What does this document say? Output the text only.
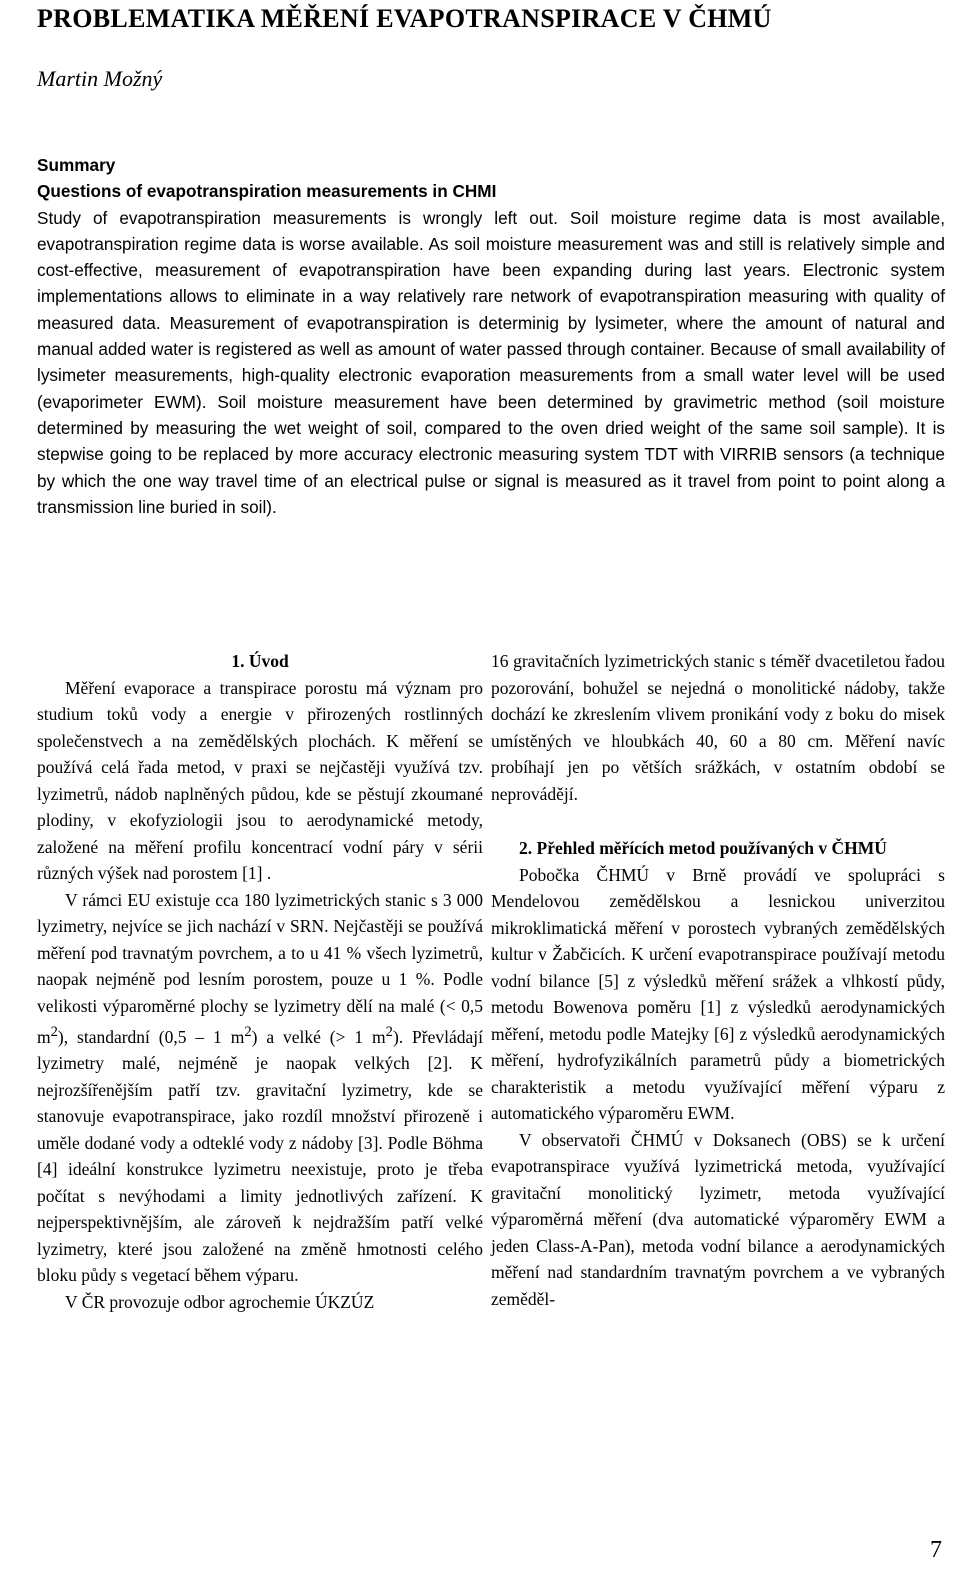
PROBLEMATIKA MĚŘENÍ EVAPOTRANSPIRACE V ČHMÚ
Martin Možný
Summary
Questions of evapotranspiration measurements in CHMI

Study of evapotranspiration measurements is wrongly left out. Soil moisture regime data is most available, evapotranspiration regime data is worse available. As soil moisture measurement was and still is relatively simple and cost-effective, measurement of evapotranspiration have been expanding during last years. Electronic system implementations allows to eliminate in a way relatively rare network of evapotranspiration measuring with quality of measured data. Measurement of evapotranspiration is determinig by lysimeter, where the amount of natural and manual added water is registered as well as amount of water passed through container. Because of small availability of lysimeter measurements, high-quality electronic evaporation measurements from a small water level will be used (evaporimeter EWM). Soil moisture measurement have been determined by gravimetric method (soil moisture determined by measuring the wet weight of soil, compared to the oven dried weight of the same soil sample). It is stepwise going to be replaced by more accuracy electronic measuring system TDT with VIRRIB sensors (a technique by which the one way travel time of an electrical pulse or signal is measured as it travel from point to point along a transmission line buried in soil).

1. Úvod

Měření evaporace a transpirace porostu má význam pro studium toků vody a energie v přirozených rostlinných společenstvech a na zemědělských plochách. K měření se používá celá řada metod, v praxi se nejčastěji využívá tzv. lyzimetrů, nádob naplněných půdou, kde se pěstují zkoumané plodiny, v ekofyziologii jsou to aerodynamické metody, založené na měření profilu koncentrací vodní páry v sérii různých výšek nad porostem [1] .

V rámci EU existuje cca 180 lyzimetrických stanic s 3 000 lyzimetry, nejvíce se jich nachází v SRN. Nejčastěji se používá měření pod travnatým povrchem, a to u 41 % všech lyzimetrů, naopak nejméně pod lesním porostem, pouze u 1 %. Podle velikosti výparoměrné plochy se lyzimetry dělí na malé (< 0,5 $m^2$), standardní (0,5 – 1 $m^2$) a velké (> 1 $m^2$). Převládají lyzimetry malé, nejméně je naopak velkých [2]. K nejrozšířenějším patří tzv. gravitační lyzimetry, kde se stanovuje evapotranspirace, jako rozdíl množství přirozeně i uměle dodané vody a odteklé vody z nádoby [3]. Podle Böhma [4] ideální konstrukce lyzimetru neexistuje, proto je třeba počítat s nevýhodami a limity jednotlivých zařízení. K nejperspektivnějším, ale zároveň k nejdražším patří velké lyzimetry, které jsou založené na změně hmotnosti celého bloku půdy s vegetací během výparu.

V ČR provozuje odbor agrochemie ÚKZÚZ

16 gravitačních lyzimetrických stanic s téměř dvacetiletou řadou pozorování, bohužel se nejedná o monolitické nádoby, takže dochází ke zkreslením vlivem pronikání vody z boku do misek umístěných ve hloubkách 40, 60 a 80 cm. Měření navíc probíhají jen po větších srážkách, v ostatním období se neprovádějí.

2. Přehled měřících metod používaných v ČHMÚ

Pobočka ČHMÚ v Brně provádí ve spolupráci s Mendelovou zemědělskou a lesnickou univerzitou mikroklimatická měření v porostech vybraných zemědělských kultur v Žabčicích. K určení evapotranspirace používají metodu vodní bilance [5] z výsledků měření srážek a vlhkostí půdy, metodu Bowenova poměru [1] z výsledků aerodynamických měření, metodu podle Matejky [6] z výsledků aerodynamických měření, hydrofyzikálních parametrů půdy a biometrických charakteristik a metodu využívající měření výparu z automatického výparoměru EWM.

V observatoři ČHMÚ v Doksanech (OBS) se k určení evapotranspirace využívá lyzimetrická metoda, využívající gravitační monolitický lyzimetr, metoda využívající výparoměrná měření (dva automatické výparoměry EWM a jeden Class-A-Pan), metoda vodní bilance a aerodynamických měření nad standardním travnatým povrchem a ve vybraných zeměděl-

7
